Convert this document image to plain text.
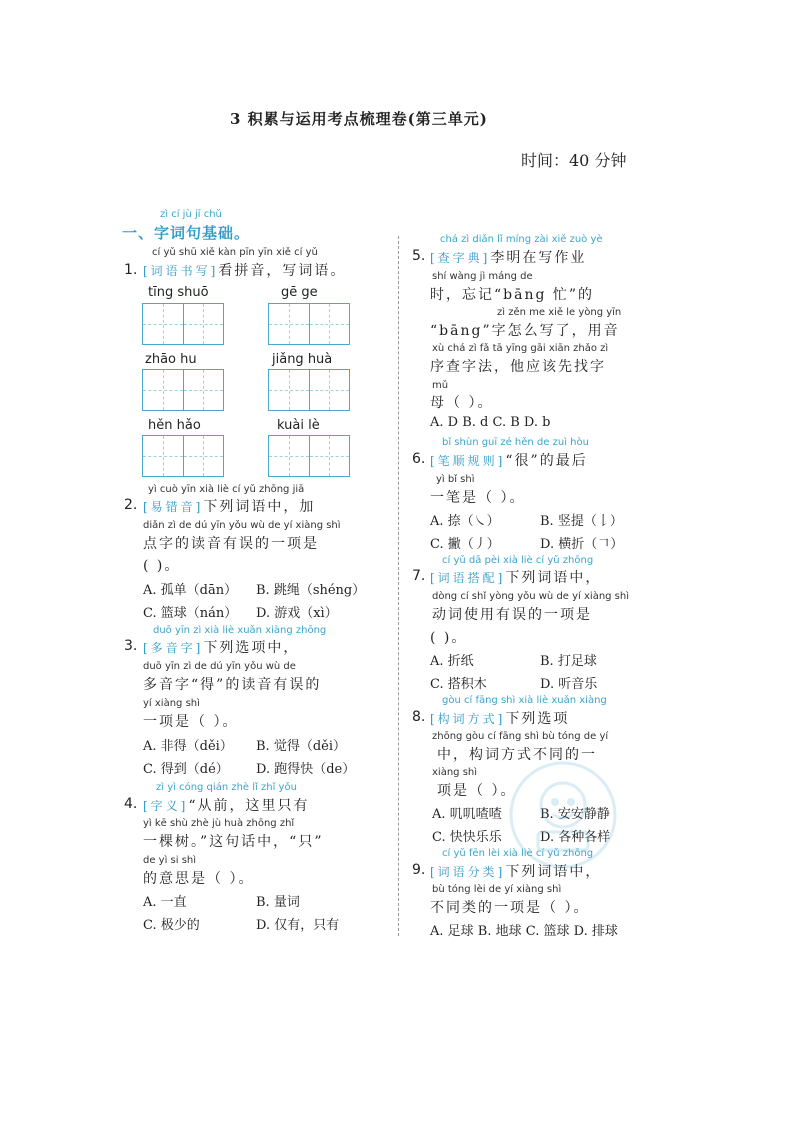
3 积累与运用考点梳理卷(第三单元)
时间：40 分钟
zì cí jù jī chǔ
一、字词句基础。
cí yǔ shū xiě kàn pīn yīn xiě cí yǔ
1. [词语书写]看拼音，写词语。
tīng shuō	gē ge
zhāo hu	jiǎng huà
hěn hǎo	kuài lè
yì cuò yīn xià liè cí yǔ zhōng jiā
2. [易错音]下列词语中，加
diǎn zì de dú yīn yǒu wù de yí xiàng shì
点字的读音有误的一项是
( )。
A. 孤单（dān） B. 跳绳（shéng）
C. 篮球（nán） D. 游戏（xì）
duō yīn zì xià liè xuǎn xiàng zhōng
3. [多音字]下列选项中，
duō yīn zì de dú yīn yǒu wù de
多音字“得”的读音有误的
yí xiàng shì
一项是（ ）。
A. 非得（děi） B. 觉得（děi）
C. 得到（dé） D. 跑得快（de）
zì yì cóng qián zhè lǐ zhǐ yǒu
4. [字义]“从前，这里只有
yì kē shù zhè jù huà zhōng zhǐ
一棵树。”这句话中，“只”
de yì si shì
的意思是（ ）。
A. 一直	B. 量词
C. 极少的	D. 仅有，只有
chá zì diǎn lǐ míng zài xiě zuò yè
5. [查字典]李明在写作业
shí wàng jì máng de
时，忘记“bāng 忙”的
zì zěn me xiě le yòng yīn
“bāng”字怎么写了，用音
xù chá zì fǎ tā yīng gāi xiān zhǎo zì
序查字法，他应该先找字
mǔ
母（ ）。
A. D B. d C. B D. b
bǐ shùn guī zé hěn de zuì hòu
6. [笔顺规则]“很”的最后
yì bǐ shì
一笔是（ ）。
A. 捺（㇏）	B. 竖提（𠄌）
C. 撇（丿）	D. 横折（𠃍）
cí yǔ dā pèi xià liè cí yǔ zhōng
7. [词语搭配]下列词语中，
dòng cí shǐ yòng yǒu wù de yí xiàng shì
动词使用有误的一项是
( )。
A. 折纸	B. 打足球
C. 搭积木	D. 听音乐
gòu cí fāng shì xià liè xuǎn xiàng
8. [构词方式]下列选项
zhōng gòu cí fāng shì bù tóng de yí
中，构词方式不同的一
xiàng shì
项是（ ）。
A. 叽叽喳喳	B. 安安静静
C. 快快乐乐	D. 各种各样
cí yǔ fēn lèi xià liè cí yǔ zhōng
9. [词语分类]下列词语中，
bù tóng lèi de yí xiàng shì
不同类的一项是（ ）。
A. 足球 B. 地球 C. 篮球 D. 排球
